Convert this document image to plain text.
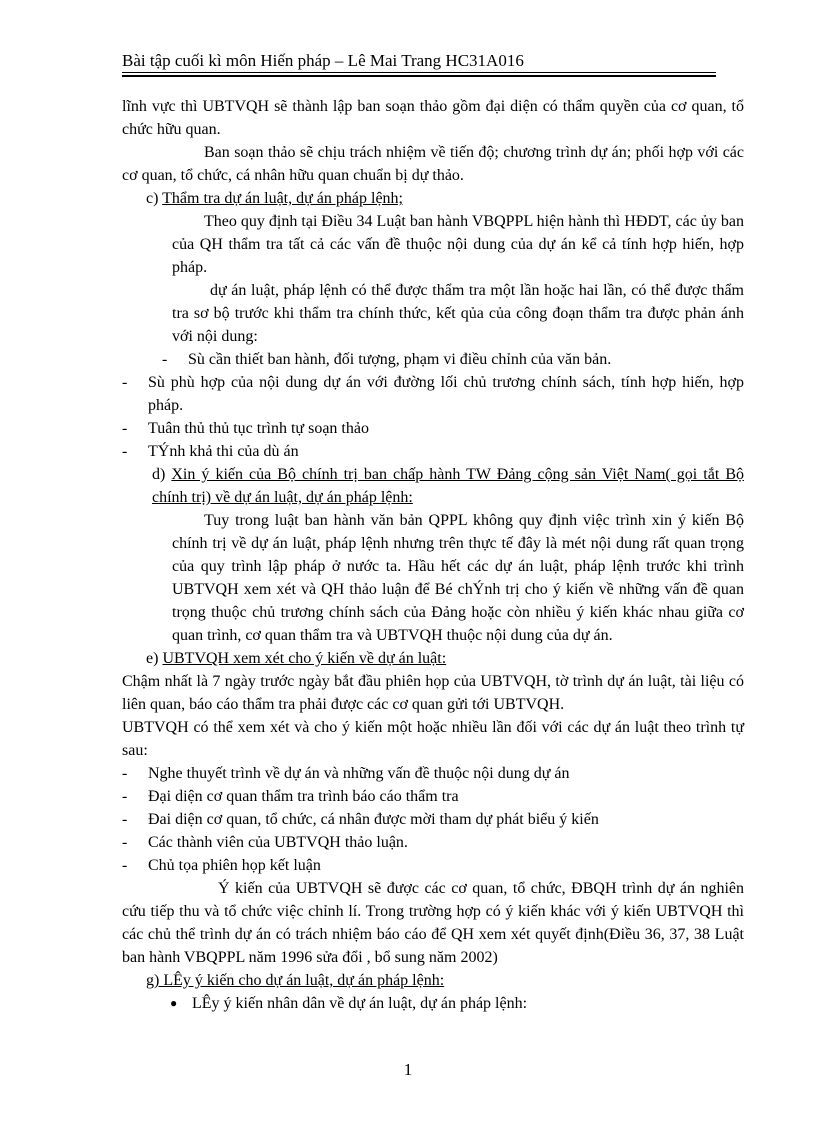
Bài tập cuối kì môn Hiến pháp – Lê Mai Trang HC31A016

lĩnh vực thì UBTVQH sẽ thành lập ban soạn thảo gồm đại diện có thẩm quyền của cơ quan, tổ chức hữu quan.

Ban soạn thảo sẽ chịu trách nhiệm về tiến độ; chương trình dự án; phối hợp với các cơ quan, tổ chức, cá nhân hữu quan chuẩn bị dự thảo.

c) Thẩm tra dự án luật, dự án pháp lệnh;

Theo quy định tại Điều 34 Luật ban hành VBQPPL hiện hành thì HĐDT, các ủy ban của QH thẩm tra tất cả các vấn đề thuộc nội dung của dự án kể cả tính hợp hiến, hợp pháp.

dự án luật, pháp lệnh có thể được thẩm tra một lần hoặc hai lần, có thể được thẩm tra sơ bộ trước khi thẩm tra chính thức, kết qủa của công đoạn thẩm tra được phản ánh với nội dung:

-	Sù cần thiết ban hành, đối tượng, phạm vi điều chỉnh của văn bản.
-	Sù phù hợp của nội dung dự án với đường lối chủ trương chính sách, tính hợp hiến, hợp pháp.
-	Tuân thủ thủ tục trình tự soạn thảo
-	TÝnh khả thi của dù án

d) Xin ý kiến của Bộ chính trị ban chấp hành TW Đảng cộng sản Việt Nam( gọi tắt Bộ chính trị) về dự án luật, dự án pháp lệnh:

Tuy trong luật ban hành văn bản QPPL không quy định việc trình xin ý kiến Bộ chính trị về dự án luật, pháp lệnh nhưng trên thực tế đây là mét nội dung rất quan trọng của quy trình lập pháp ở nước ta. Hầu hết các dự án luật, pháp lệnh trước khi trình UBTVQH xem xét và QH thảo luận để Bé chÝnh trị cho ý kiến về những vấn đề quan trọng thuộc chủ trương chính sách của Đảng hoặc còn nhiều ý kiến khác nhau giữa cơ quan trình, cơ quan thẩm tra và UBTVQH thuộc nội dung của dự án.

e) UBTVQH xem xét cho ý kiến về dự án luật:

Chậm nhất là 7 ngày trước ngày bắt đầu phiên họp của UBTVQH, tờ trình dự án luật, tài liệu có liên quan, báo cáo thẩm tra phải được các cơ quan gửi tới UBTVQH.

UBTVQH có thể xem xét và cho ý kiến một hoặc nhiều lần đối với các dự án luật theo trình tự sau:

-	Nghe thuyết trình về dự án và những vấn đề thuộc nội dung dự án
-	Đại diện cơ quan thẩm tra trình báo cáo thẩm tra
-	Đai diện cơ quan, tổ chức, cá nhân được mời tham dự phát biểu ý kiến
-	Các thành viên của UBTVQH thảo luận.
-	Chủ tọa phiên họp kết luận

Ý kiến của UBTVQH sẽ được các cơ quan, tổ chức, ĐBQH trình dự án nghiên cứu tiếp thu và tổ chức việc chỉnh lí. Trong trường hợp có ý kiến khác với ý kiến UBTVQH thì các chủ thể trình dự án có trách nhiệm báo cáo để QH xem xét quyết định(Điều 36, 37, 38 Luật ban hành VBQPPL năm 1996 sửa đổi , bổ sung năm 2002)

g) LÊy ý kiến cho dự án luật, dự án pháp lệnh:

● LÊy ý kiến nhân dân về dự án luật, dự án pháp lệnh:
1
